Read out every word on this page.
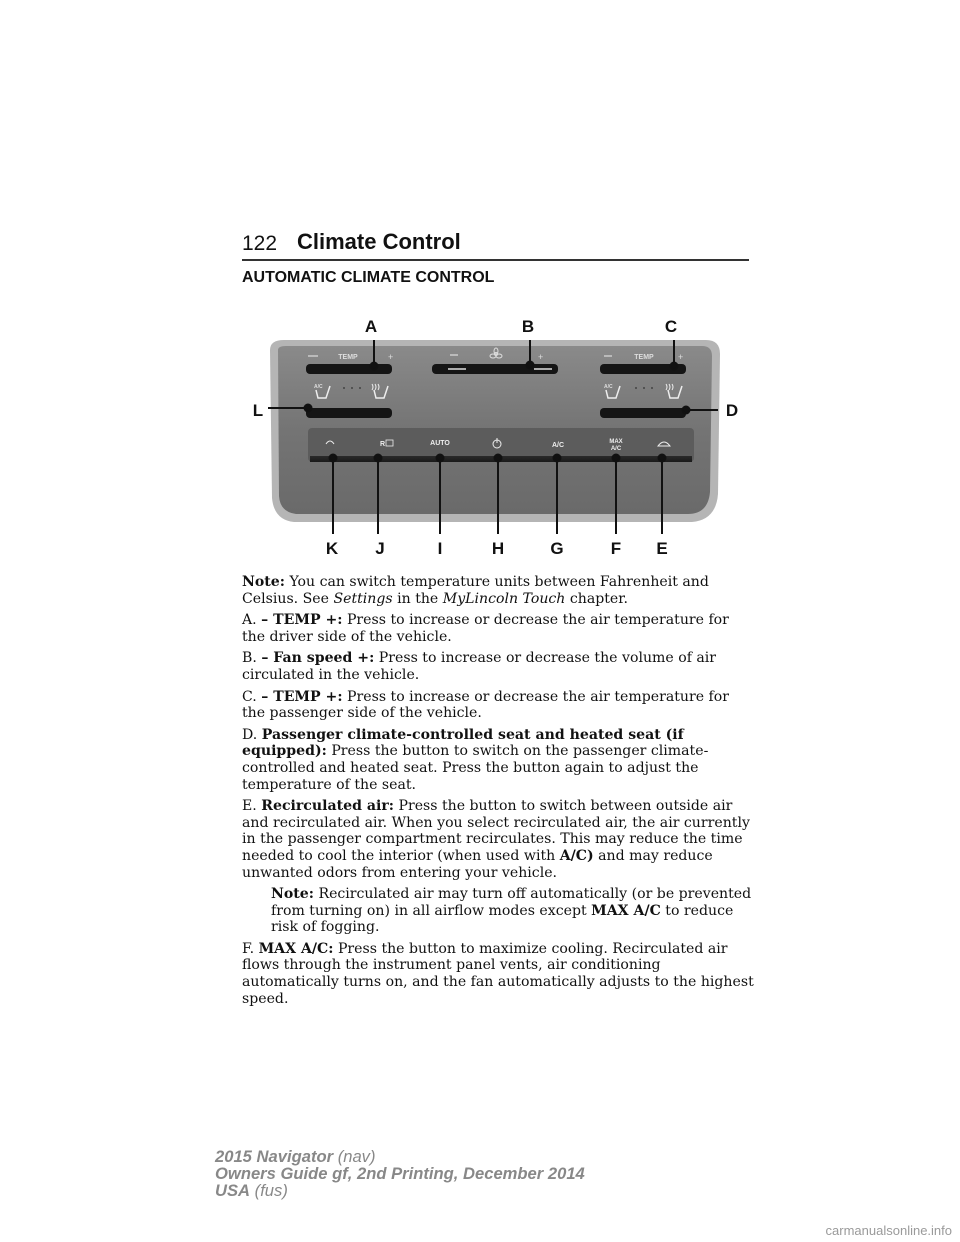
122 Climate Control
AUTOMATIC CLIMATE CONTROL
TEMP	+	+	TEMP	+
A/C	A/C
R	AUTO	A/C	MAX
A/C
A	B	C
D
E
F
G
H
I
J
K
L

Note: You can switch temperature units between Fahrenheit and Celsius. See Settings in the MyLincoln Touch chapter.

A. – TEMP +: Press to increase or decrease the air temperature for the driver side of the vehicle.

B. – Fan speed +: Press to increase or decrease the volume of air circulated in the vehicle.

C. – TEMP +: Press to increase or decrease the air temperature for the passenger side of the vehicle.

D. Passenger climate-controlled seat and heated seat (if equipped): Press the button to switch on the passenger climate-controlled and heated seat. Press the button again to adjust the temperature of the seat.

E. Recirculated air: Press the button to switch between outside air and recirculated air. When you select recirculated air, the air currently in the passenger compartment recirculates. This may reduce the time needed to cool the interior (when used with A/C) and may reduce unwanted odors from entering your vehicle.

Note: Recirculated air may turn off automatically (or be prevented from turning on) in all airflow modes except MAX A/C to reduce risk of fogging.

F. MAX A/C: Press the button to maximize cooling. Recirculated air flows through the instrument panel vents, air conditioning automatically turns on, and the fan automatically adjusts to the highest speed.

2015 Navigator (nav)
Owners Guide gf, 2nd Printing, December 2014
USA (fus)
carmanualsonline.info
